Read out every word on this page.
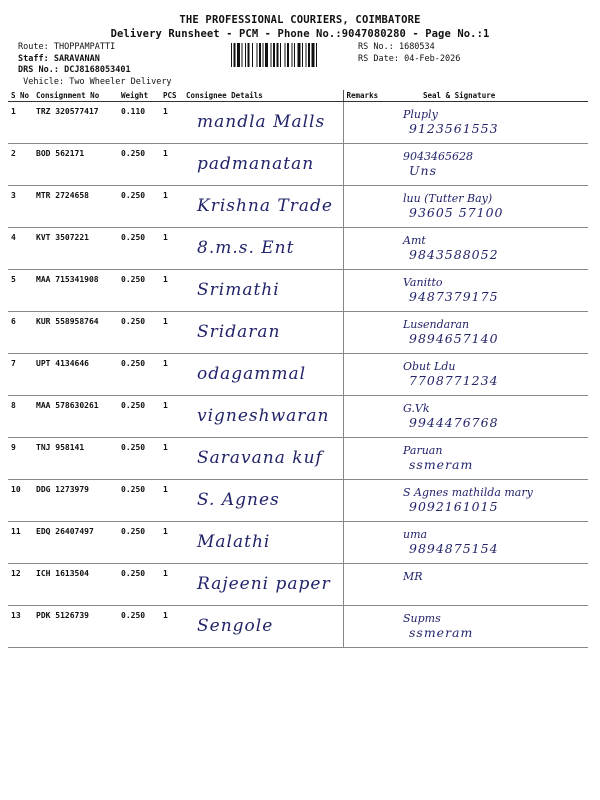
THE PROFESSIONAL COURIERS, COIMBATORE
Delivery Runsheet - PCM - Phone No.:9047080280 - Page No.:1
Route: THOPPAMPATTI
Staff: SARAVANAN
DRS No.: DCJ8168053401
Vehicle: Two Wheeler Delivery
RS No.: 1680534
RS Date: 04-Feb-2026
S No	Consignment No	Weight	PCS	Consignee Details	Remarks	Seal & Signature
1	TRZ 320577417	0.110	1	mandla Malls		Pluply
9123561553

2	BOD 562171	0.250	1	padmanatan		9043465628
Uns

3	MTR 2724658	0.250	1	Krishna Trade		luu (Tutter Bay)
93605 57100

4	KVT 3507221	0.250	1	8.m.s. Ent		Amt
9843588052

5	MAA 715341908	0.250	1	Srimathi		Vanitto
9487379175

6	KUR 558958764	0.250	1	Sridaran		Lusendaran
9894657140

7	UPT 4134646	0.250	1	odagammal		Obut Ldu
7708771234

8	MAA 578630261	0.250	1	vigneshwaran		G.Vk
9944476768

9	TNJ 958141	0.250	1	Saravana kuf		Paruan
ssmeram

10	DDG 1273979	0.250	1	S. Agnes		S Agnes mathilda mary
9092161015

11	EDQ 26407497	0.250	1	Malathi		uma
9894875154

12	ICH 1613504	0.250	1	Rajeeni paper		MR

13	PDK 5126739	0.250	1	Sengole		Supms
ssmeram
